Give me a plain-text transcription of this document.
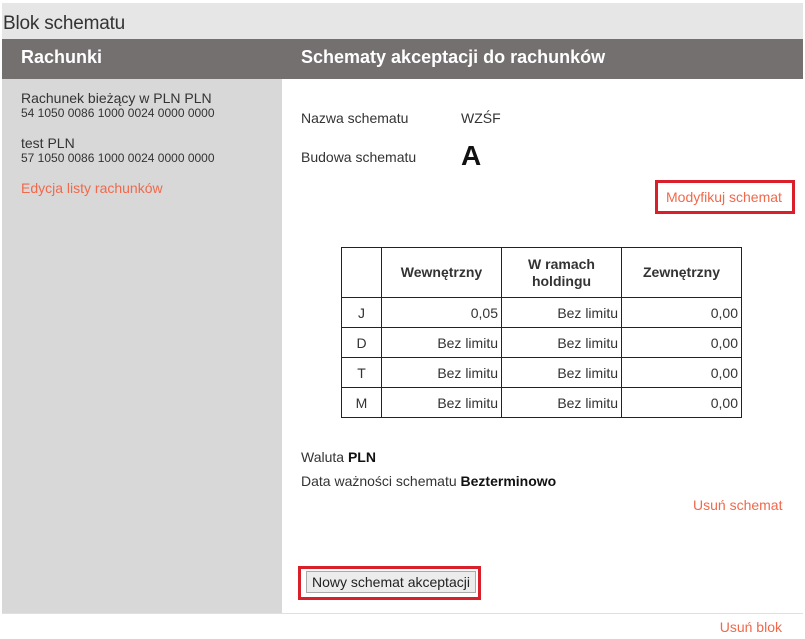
Blok schematu
Rachunki	Schematy akceptacji do rachunków
Rachunek bieżący w PLN PLN
54 1050 0086 1000 0024 0000 0000
test PLN
57 1050 0086 1000 0024 0000 0000
Edycja listy rachunków
Nazwa schematu	WZŚF
Budowa schematu A
Modyfikuj schemat
	Wewnętrzny	W ramach holdingu	Zewnętrzny
J	0,05	Bez limitu	0,00
D	Bez limitu	Bez limitu	0,00
T	Bez limitu	Bez limitu	0,00
M	Bez limitu	Bez limitu	0,00
Waluta PLN
Data ważności schematu Bezterminowo
Usuń schemat
Nowy schemat akceptacji
Usuń blok
